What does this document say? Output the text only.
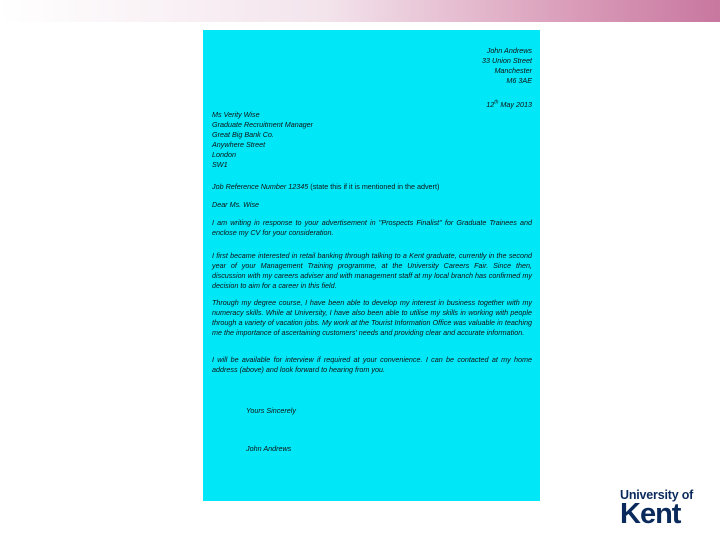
John Andrews
33 Union Street
Manchester
M6 3AE
12th May 2013
Ms Verity Wise
Graduate Recruitment Manager
Great Big Bank Co.
Anywhere Street
London
SW1
Job Reference Number 12345 (state this if it is mentioned in the advert)
Dear Ms. Wise
I am writing in response to your advertisement in "Prospects Finalist" for Graduate Trainees and enclose my CV for your consideration.
I first became interested in retail banking through talking to a Kent graduate, currently in the second year of your Management Training programme, at the University Careers Fair. Since then, discussion with my careers adviser and with management staff at my local branch has confirmed my decision to aim for a career in this field.
Through my degree course, I have been able to develop my interest in business together with my numeracy skills. While at University, I have also been able to utilise my skills in working with people through a variety of vacation jobs. My work at the Tourist Information Office was valuable in teaching me the importance of ascertaining customers' needs and providing clear and accurate information.
I will be available for interview if required at your convenience. I can be contacted at my home address (above) and look forward to hearing from you.
Yours Sincerely
John Andrews
University of
Kent
